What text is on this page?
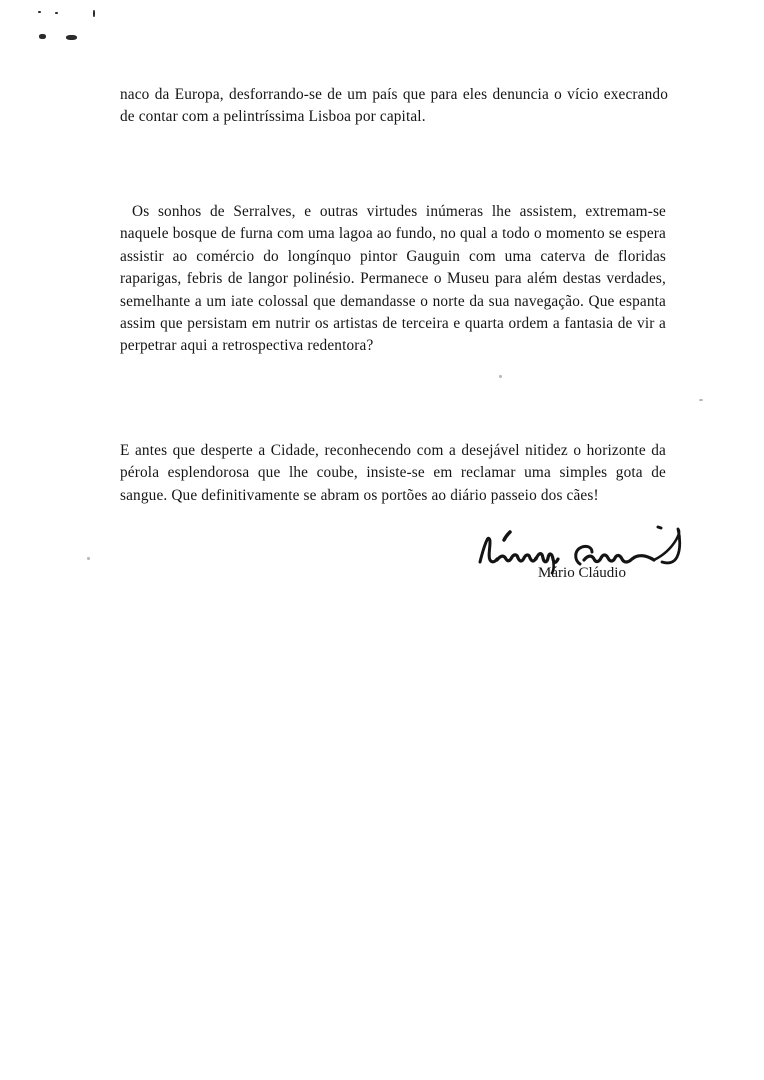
naco da Europa, desforrando-se de um país que para eles denuncia o vício execrando de contar com a pelintríssima Lisboa por capital.

Os sonhos de Serralves, e outras virtudes inúmeras lhe assistem, extremam-se naquele bosque de furna com uma lagoa ao fundo, no qual a todo o momento se espera assistir ao comércio do longínquo pintor Gauguin com uma caterva de floridas raparigas, febris de langor polinésio. Permanece o Museu para além destas verdades, semelhante a um iate colossal que demandasse o norte da sua navegação. Que espanta assim que persistam em nutrir os artistas de terceira e quarta ordem a fantasia de vir a perpetrar aqui a retrospectiva redentora?

E antes que desperte a Cidade, reconhecendo com a desejável nitidez o horizonte da pérola esplendorosa que lhe coube, insiste-se em reclamar uma simples gota de sangue. Que definitivamente se abram os portões ao diário passeio dos cães!

Mário Cláudio
